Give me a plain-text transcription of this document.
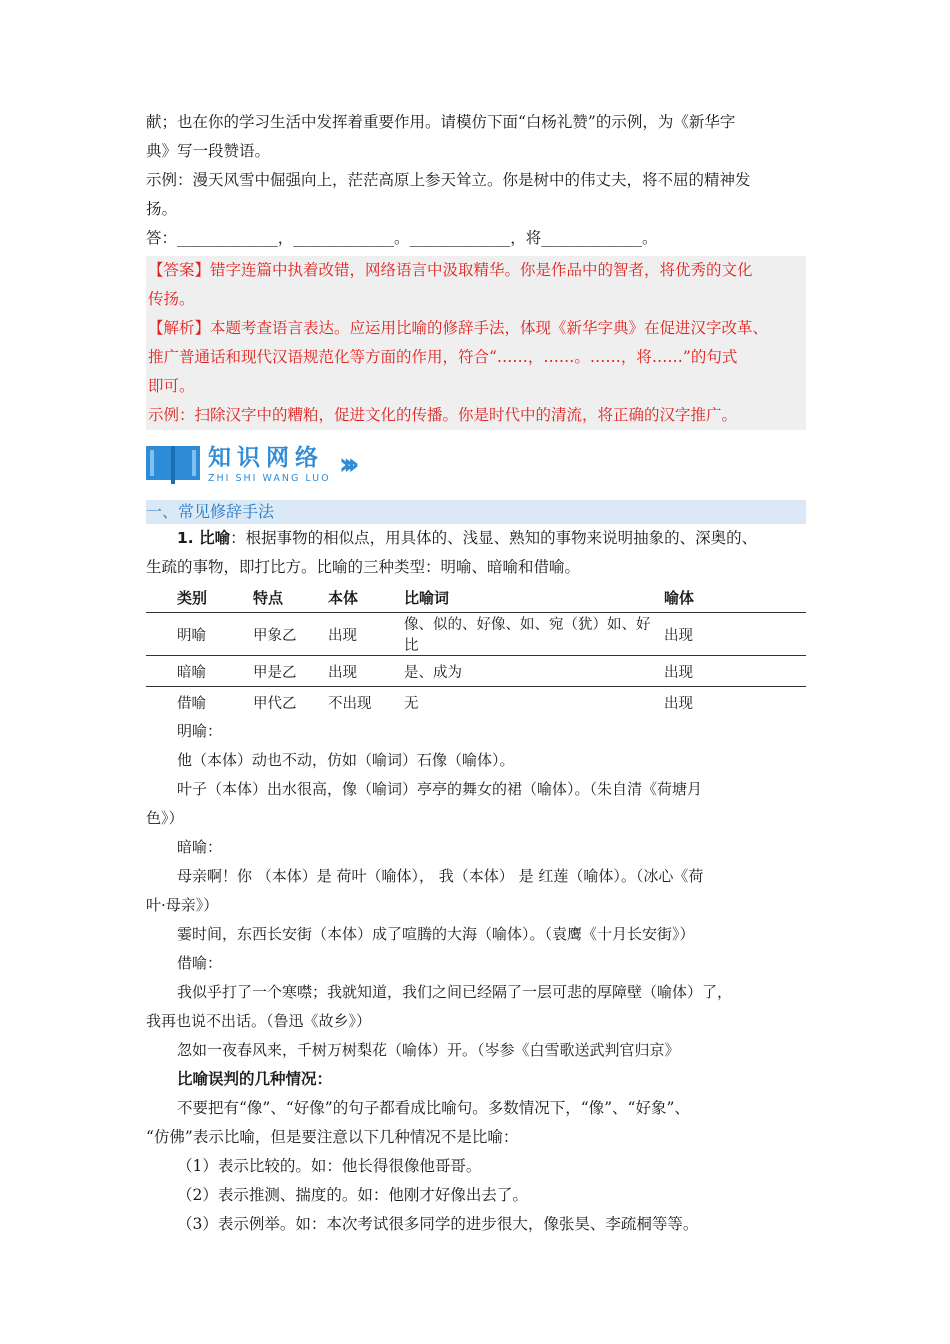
献；也在你的学习生活中发挥着重要作用。请模仿下面“白杨礼赞”的示例，为《新华字

典》写一段赞语。

示例：漫天风雪中倔强向上，茫茫高原上参天耸立。你是树中的伟丈夫，将不屈的精神发

扬。

答：_____________，_____________。_____________，将_____________。

【答案】错字连篇中执着改错，网络语言中汲取精华。你是作品中的智者，将优秀的文化

传扬。

【解析】本题考查语言表达。应运用比喻的修辞手法，体现《新华字典》在促进汉字改革、

推广普通话和现代汉语规范化等方面的作用，符合“……，……。……，将……”的句式

即可。

示例：扫除汉字中的糟粕，促进文化的传播。你是时代中的清流，将正确的汉字推广。

知识网络
ZHI SHI WANG LUO ›››
一、常见修辞手法

1. 比喻：根据事物的相似点，用具体的、浅显、熟知的事物来说明抽象的、深奥的、

生疏的事物，即打比方。比喻的三种类型：明喻、暗喻和借喻。

	类别	特点	本体	比喻词	喻体
	明喻	甲象乙	出现	像、似的、好像、如、宛（犹）如、好比	出现
	暗喻	甲是乙	出现	是、成为	出现
	借喻	甲代乙	不出现	无	出现

明喻：

他（本体）动也不动，仿如（喻词）石像（喻体）。

叶子（本体）出水很高，像（喻词）亭亭的舞女的裙（喻体）。（朱自清《荷塘月

色》）

暗喻：

母亲啊！你 （本体）是 荷叶（喻体）， 我（本体） 是 红莲（喻体）。（冰心《荷

叶·母亲》）

霎时间，东西长安街（本体）成了喧腾的大海（喻体）。（袁鹰《十月长安街》）

借喻：

我似乎打了一个寒噤；我就知道，我们之间已经隔了一层可悲的厚障壁（喻体）了，

我再也说不出话。（鲁迅《故乡》）

忽如一夜春风来，千树万树梨花（喻体）开。（岑参《白雪歌送武判官归京》

比喻误判的几种情况：

不要把有“像”、“好像”的句子都看成比喻句。多数情况下，“像”、“好象”、

“仿佛”表示比喻，但是要注意以下几种情况不是比喻：

（1）表示比较的。如：他长得很像他哥哥。

（2）表示推测、揣度的。如：他刚才好像出去了。

（3）表示例举。如：本次考试很多同学的进步很大，像张昊、李疏桐等等。
